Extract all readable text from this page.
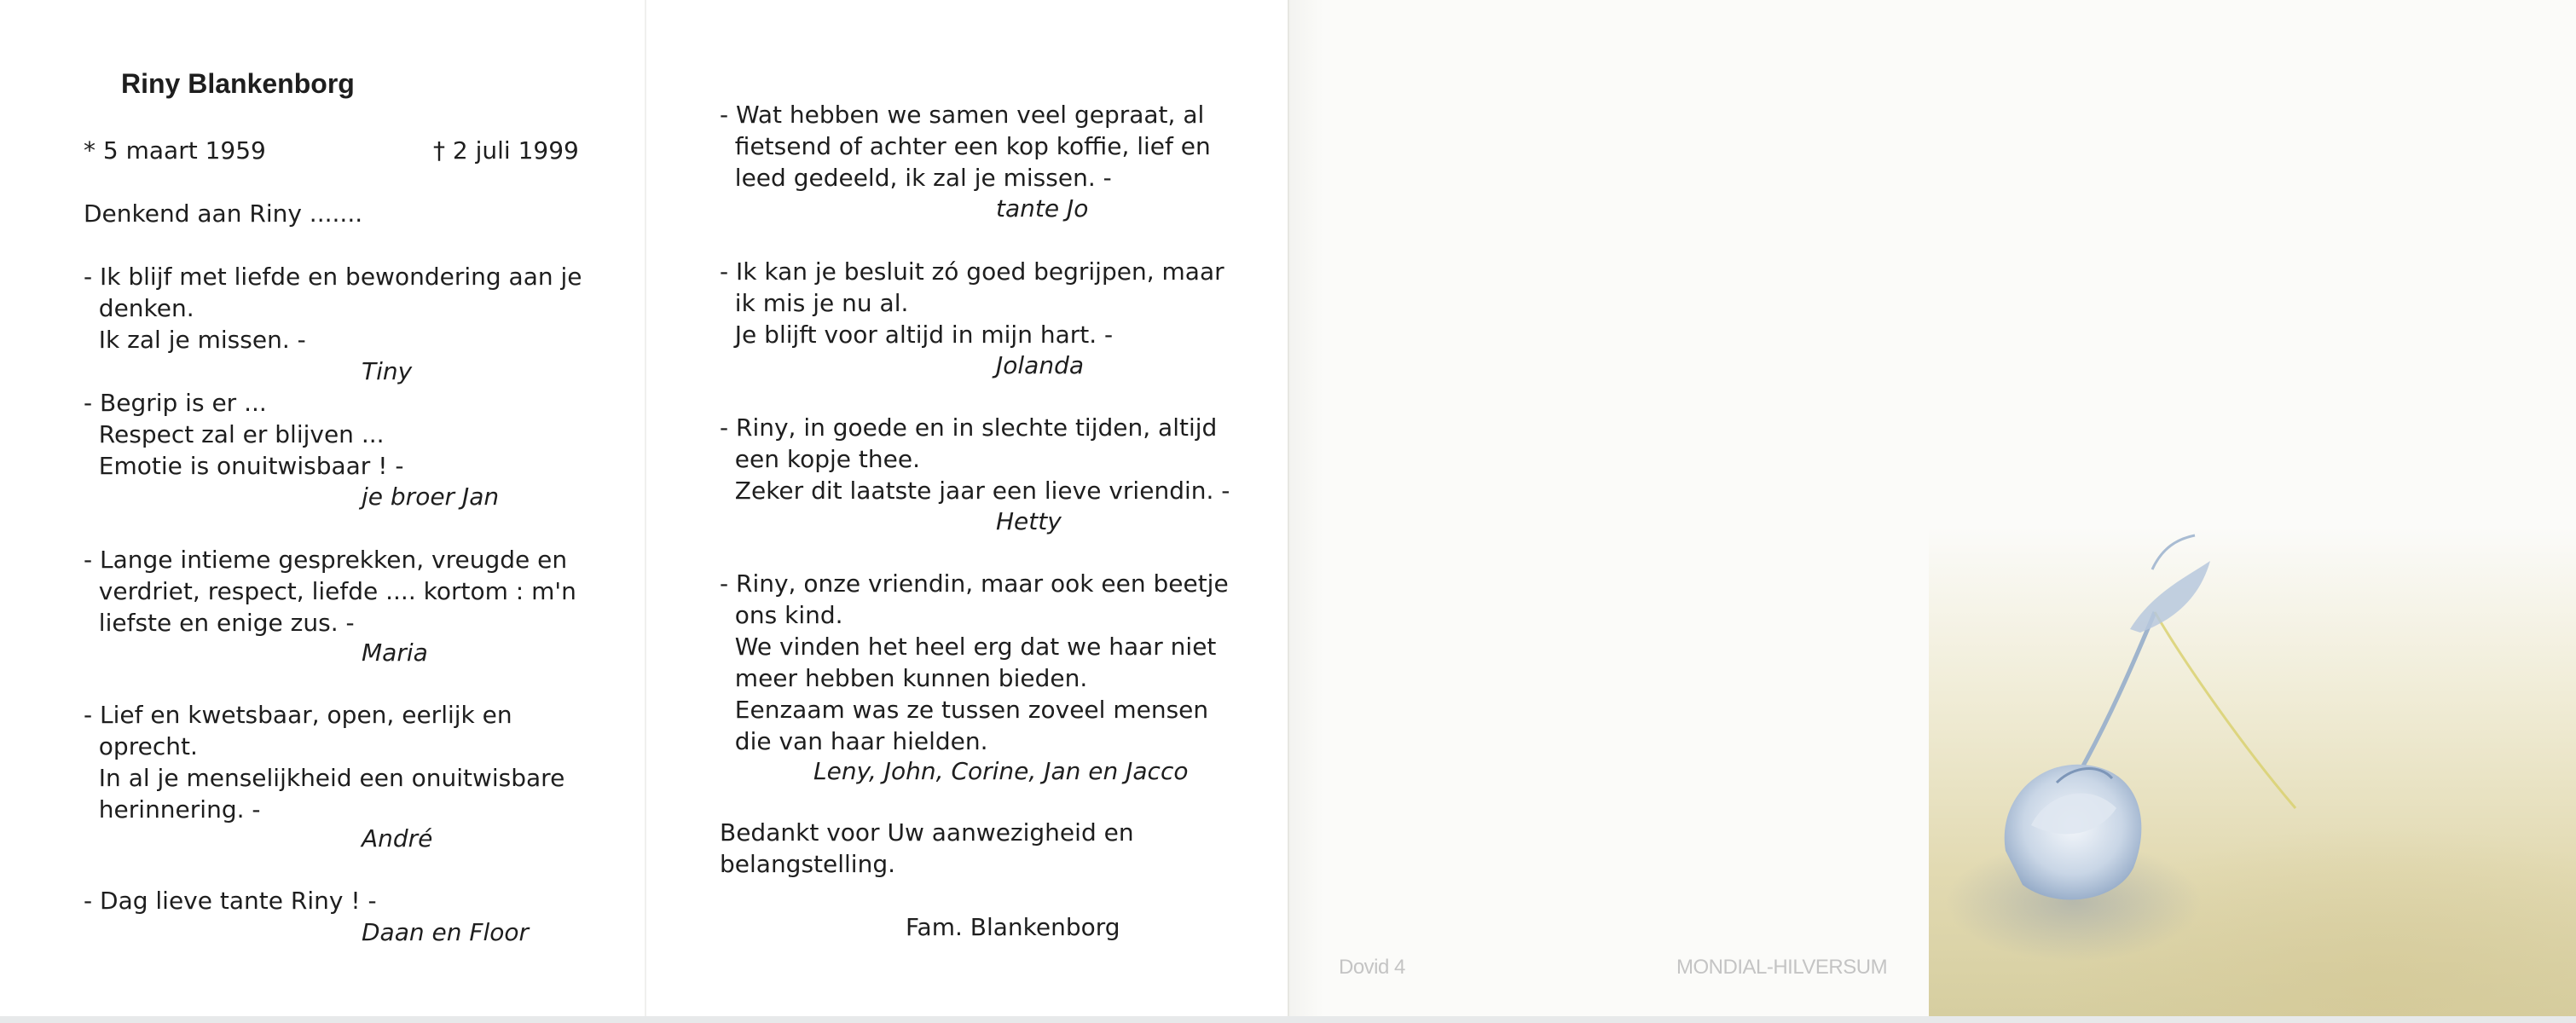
Riny Blankenborg
* 5 maart 1959	† 2 juli 1999
Denkend aan Riny .......
- Ik blijf met liefde en bewondering aan je
denken.
Ik zal je missen. -
Tiny
- Begrip is er ...
Respect zal er blijven ...
Emotie is onuitwisbaar ! -
je broer Jan
- Lange intieme gesprekken, vreugde en
verdriet, respect, liefde .... kortom : m'n
liefste en enige zus. -
Maria
- Lief en kwetsbaar, open, eerlijk en
oprecht.
In al je menselijkheid een onuitwisbare
herinnering. -
André
- Dag lieve tante Riny ! -
Daan en Floor
- Wat hebben we samen veel gepraat, al
fietsend of achter een kop koffie, lief en
leed gedeeld, ik zal je missen. -
tante Jo
- Ik kan je besluit zó goed begrijpen, maar
ik mis je nu al.
Je blijft voor altijd in mijn hart. -
Jolanda
- Riny, in goede en in slechte tijden, altijd
een kopje thee.
Zeker dit laatste jaar een lieve vriendin. -
Hetty
- Riny, onze vriendin, maar ook een beetje
ons kind.
We vinden het heel erg dat we haar niet
meer hebben kunnen bieden.
Eenzaam was ze tussen zoveel mensen
die van haar hielden.
Leny, John, Corine, Jan en Jacco
Bedankt voor Uw aanwezigheid en
belangstelling.
Fam. Blankenborg
Dovid 4	MONDIAL-HILVERSUM
